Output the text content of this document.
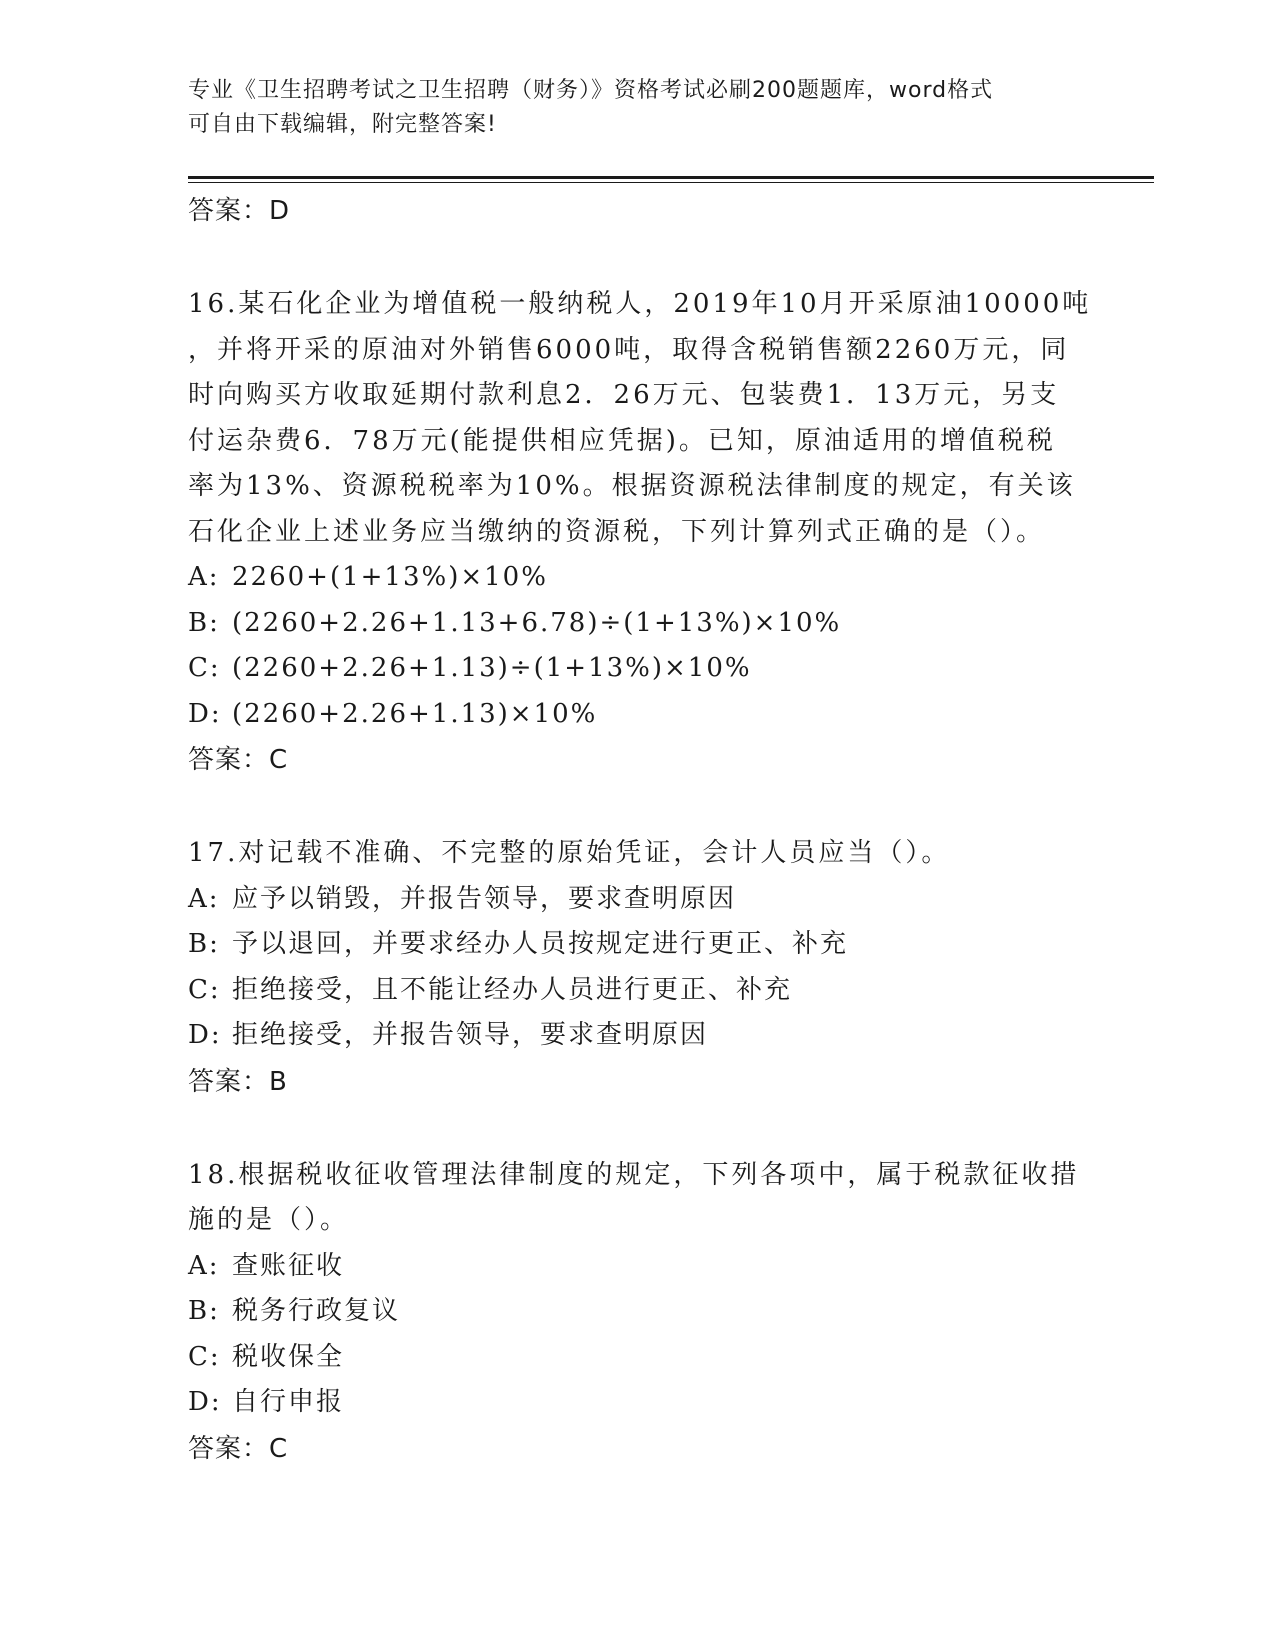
专业《卫生招聘考试之卫生招聘（财务）》资格考试必刷200题题库，word格式
可自由下载编辑，附完整答案!
答案：D
16.某石化企业为增值税一般纳税人，2019年10月开采原油10000吨
，并将开采的原油对外销售6000吨，取得含税销售额2260万元，同
时向购买方收取延期付款利息2．26万元、包装费1．13万元，另支
付运杂费6．78万元(能提供相应凭据)。已知，原油适用的增值税税
率为13%、资源税税率为10%。根据资源税法律制度的规定，有关该
石化企业上述业务应当缴纳的资源税，下列计算列式正确的是（）。
A: 2260+(1+13%)×10%
B: (2260+2.26+1.13+6.78)÷(1+13%)×10%
C: (2260+2.26+1.13)÷(1+13%)×10%
D: (2260+2.26+1.13)×10%
答案：C
17.对记载不准确、不完整的原始凭证，会计人员应当（）。
A: 应予以销毁，并报告领导，要求查明原因
B: 予以退回，并要求经办人员按规定进行更正、补充
C: 拒绝接受，且不能让经办人员进行更正、补充
D: 拒绝接受，并报告领导，要求查明原因
答案：B
18.根据税收征收管理法律制度的规定，下列各项中，属于税款征收措
施的是（）。
A: 查账征收
B: 税务行政复议
C: 税收保全
D: 自行申报
答案：C
